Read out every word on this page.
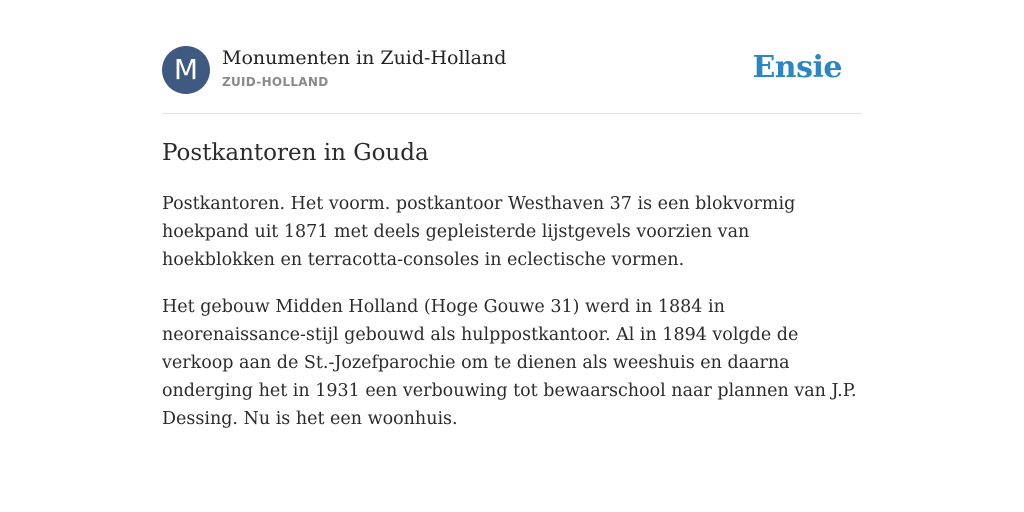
M	Monumenten in Zuid-Holland
ZUID-HOLLAND	Ensie
Postkantoren in Gouda

Postkantoren. Het voorm. postkantoor Westhaven 37 is een blokvormig hoekpand uit 1871 met deels gepleisterde lijstgevels voorzien van hoekblokken en terracotta-consoles in eclectische vormen.

Het gebouw Midden Holland (Hoge Gouwe 31) werd in 1884 in neorenaissance-stijl gebouwd als hulppostkantoor. Al in 1894 volgde de verkoop aan de St.-Jozefparochie om te dienen als weeshuis en daarna onderging het in 1931 een verbouwing tot bewaarschool naar plannen van J.P. Dessing. Nu is het een woonhuis.
